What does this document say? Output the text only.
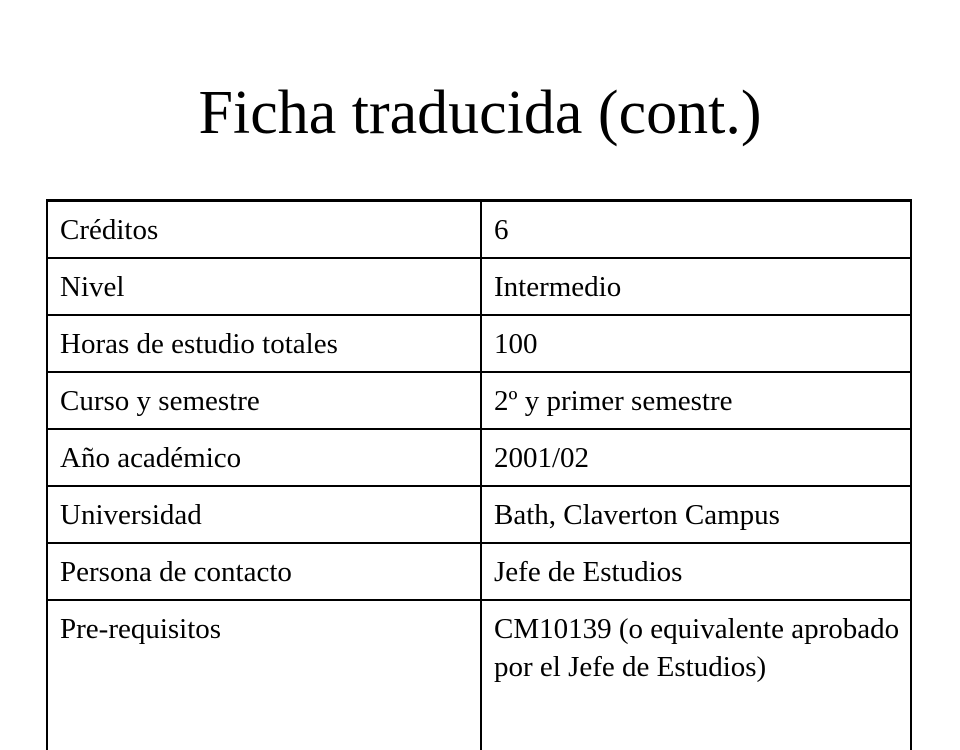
Ficha traducida (cont.)
Créditos	6
Nivel	Intermedio
Horas de estudio totales	100
Curso y semestre	2º y primer semestre
Año académico	2001/02
Universidad	Bath, Claverton Campus
Persona de contacto	Jefe de Estudios
Pre-requisitos	CM10139 (o equivalente aprobado por el Jefe de Estudios)
